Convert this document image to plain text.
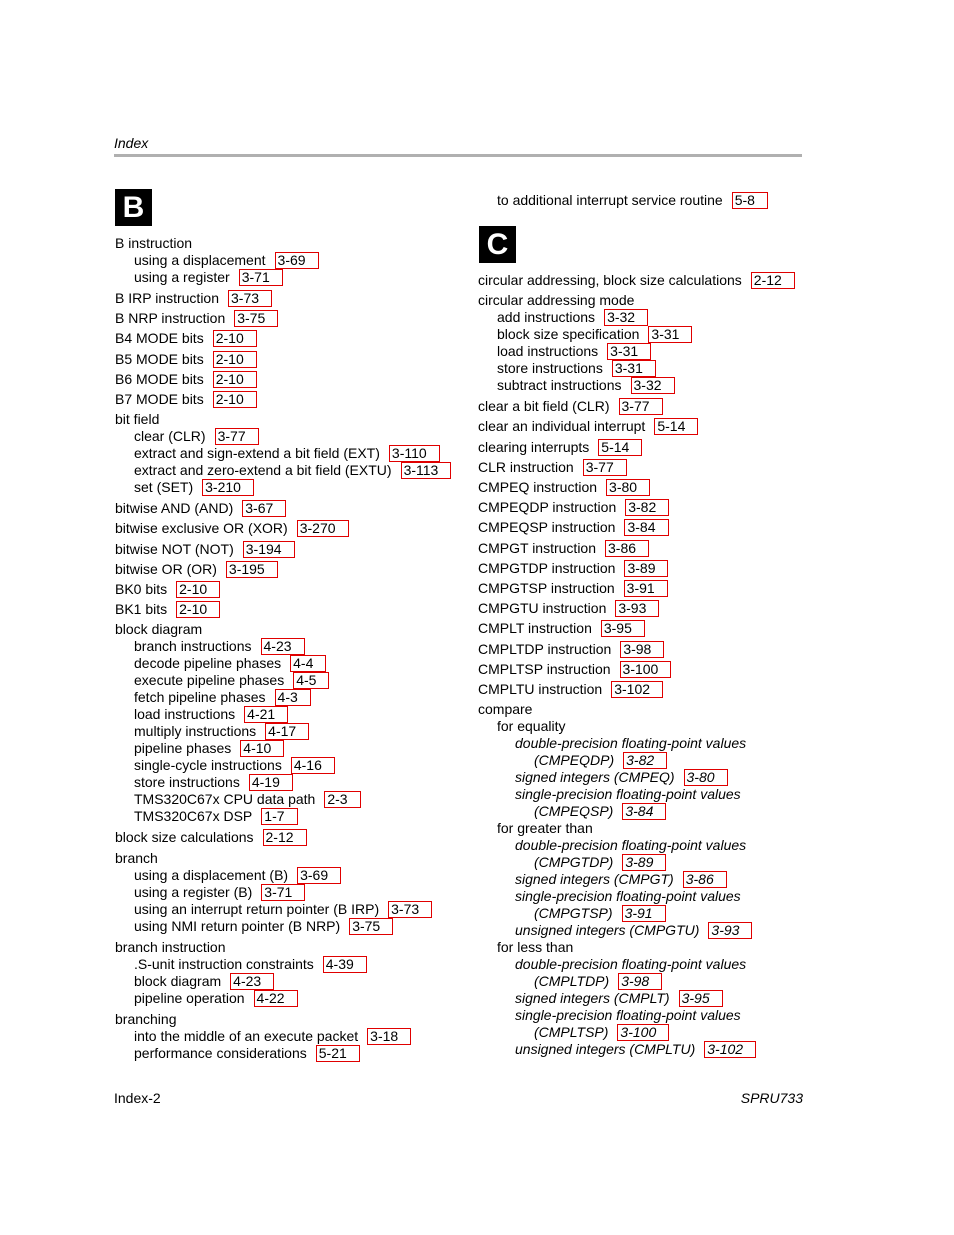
Index
B
B instruction
using a displacement 3-69
using a register 3-71
B IRP instruction 3-73
B NRP instruction 3-75
B4 MODE bits 2-10
B5 MODE bits 2-10
B6 MODE bits 2-10
B7 MODE bits 2-10
bit field
clear (CLR) 3-77
extract and sign-extend a bit field (EXT) 3-110
extract and zero-extend a bit field (EXTU) 3-113
set (SET) 3-210
bitwise AND (AND) 3-67
bitwise exclusive OR (XOR) 3-270
bitwise NOT (NOT) 3-194
bitwise OR (OR) 3-195
BK0 bits 2-10
BK1 bits 2-10
block diagram
branch instructions 4-23
decode pipeline phases 4-4
execute pipeline phases 4-5
fetch pipeline phases 4-3
load instructions 4-21
multiply instructions 4-17
pipeline phases 4-10
single-cycle instructions 4-16
store instructions 4-19
TMS320C67x CPU data path 2-3
TMS320C67x DSP 1-7
block size calculations 2-12
branch
using a displacement (B) 3-69
using a register (B) 3-71
using an interrupt return pointer (B IRP) 3-73
using NMI return pointer (B NRP) 3-75
branch instruction
.S-unit instruction constraints 4-39
block diagram 4-23
pipeline operation 4-22
branching
into the middle of an execute packet 3-18
performance considerations 5-21
C
to additional interrupt service routine 5-8
circular addressing, block size calculations 2-12
circular addressing mode
add instructions 3-32
block size specification 3-31
load instructions 3-31
store instructions 3-31
subtract instructions 3-32
clear a bit field (CLR) 3-77
clear an individual interrupt 5-14
clearing interrupts 5-14
CLR instruction 3-77
CMPEQ instruction 3-80
CMPEQDP instruction 3-82
CMPEQSP instruction 3-84
CMPGT instruction 3-86
CMPGTDP instruction 3-89
CMPGTSP instruction 3-91
CMPGTU instruction 3-93
CMPLT instruction 3-95
CMPLTDP instruction 3-98
CMPLTSP instruction 3-100
CMPLTU instruction 3-102
compare
for equality
double-precision floating-point values
(CMPEQDP) 3-82
signed integers (CMPEQ) 3-80
single-precision floating-point values
(CMPEQSP) 3-84
for greater than
double-precision floating-point values
(CMPGTDP) 3-89
signed integers (CMPGT) 3-86
single-precision floating-point values
(CMPGTSP) 3-91
unsigned integers (CMPGTU) 3-93
for less than
double-precision floating-point values
(CMPLTDP) 3-98
signed integers (CMPLT) 3-95
single-precision floating-point values
(CMPLTSP) 3-100
unsigned integers (CMPLTU) 3-102
Index-2	SPRU733
